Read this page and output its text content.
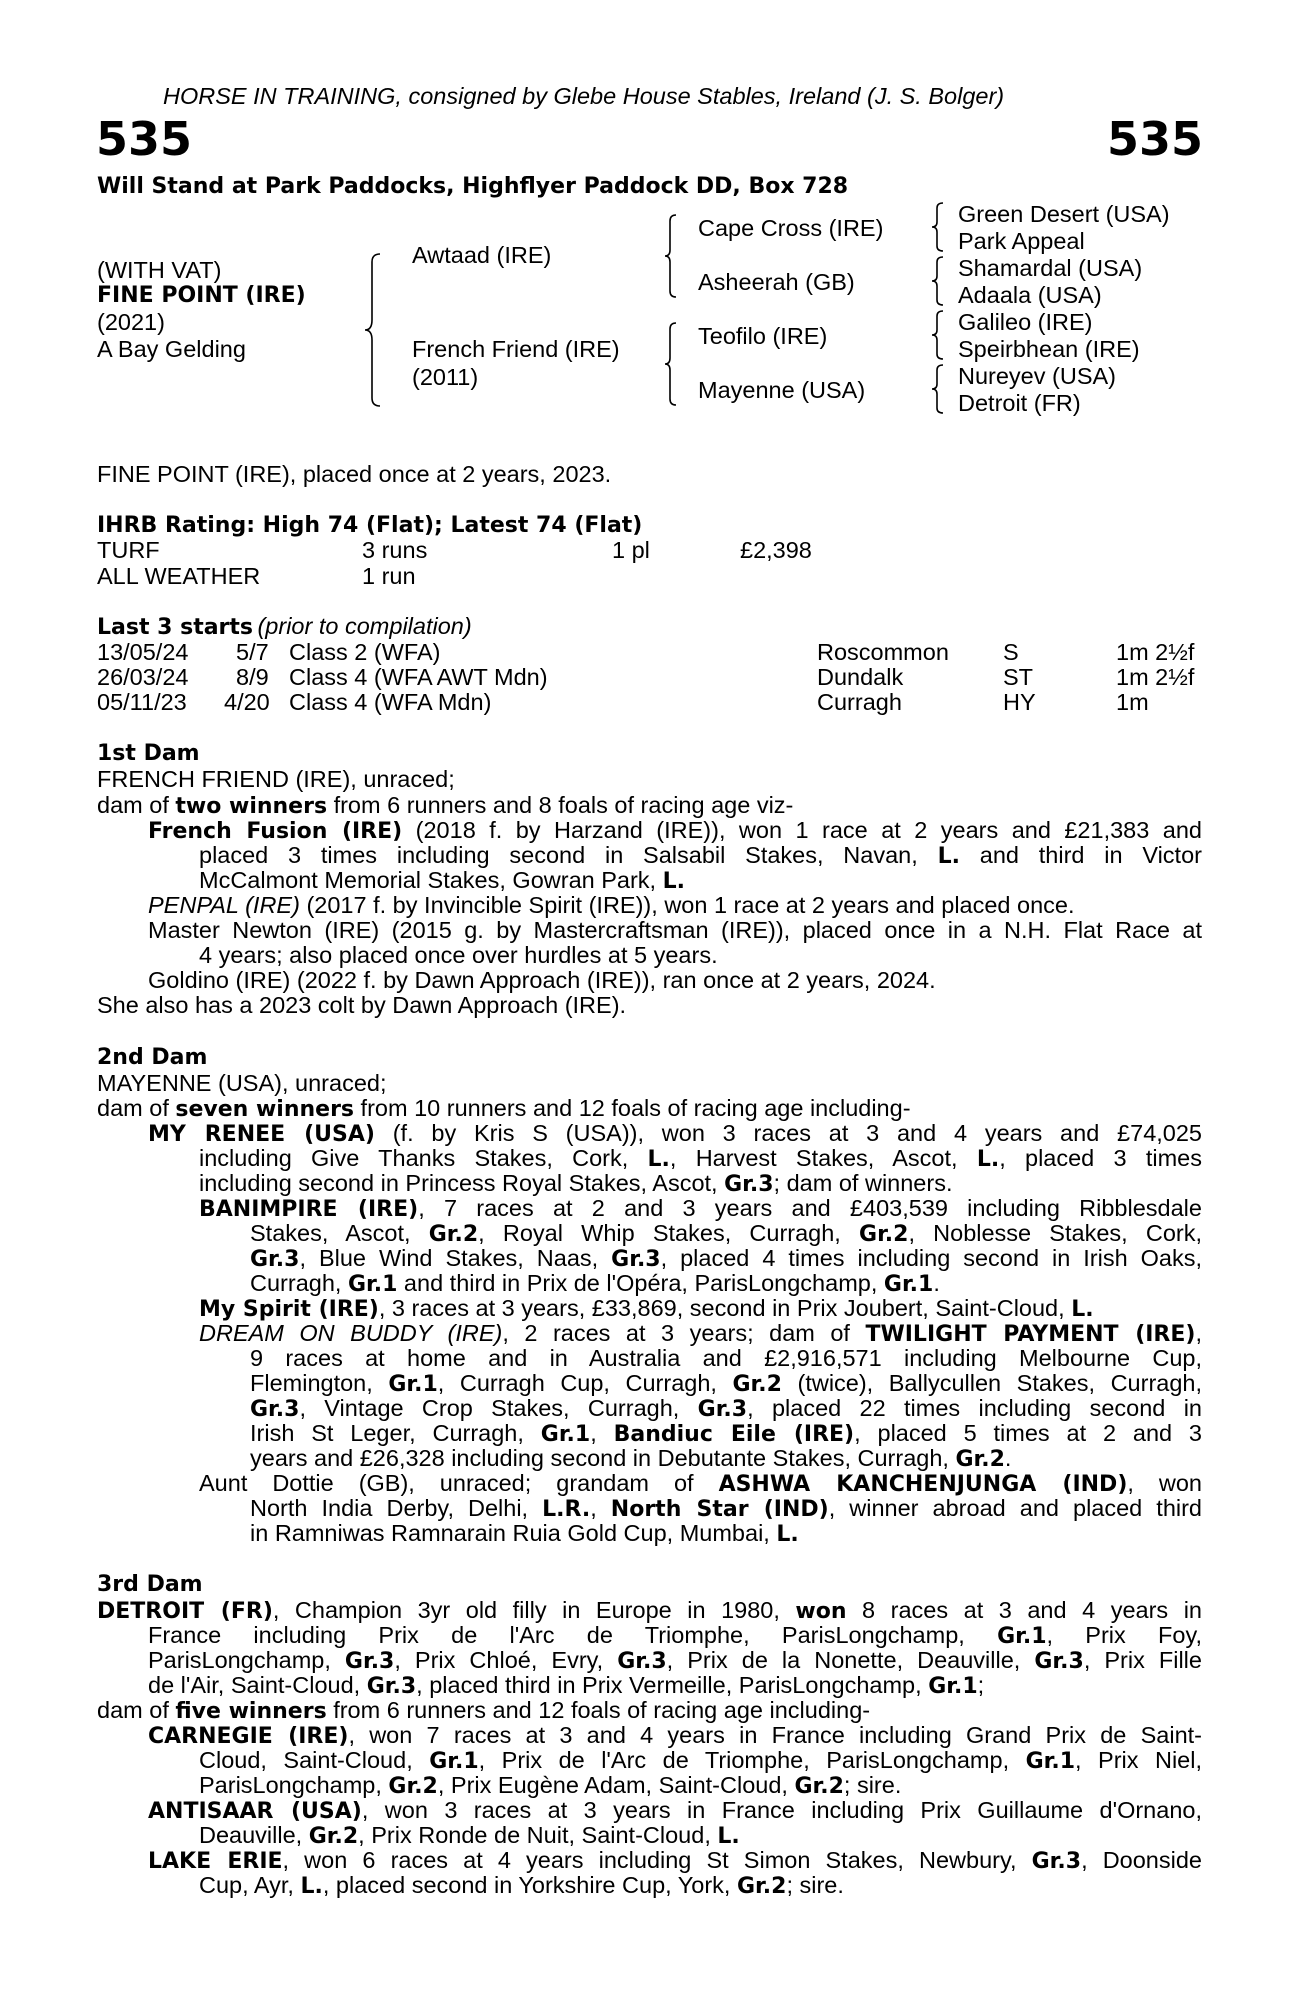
HORSE IN TRAINING, consigned by Glebe House Stables, Ireland (J. S. Bolger)
535	535
Will Stand at Park Paddocks, Highflyer Paddock DD, Box 728
(WITH VAT)
FINE POINT (IRE)
(2021)
A Bay Gelding
Awtaad (IRE)
French Friend (IRE)
(2011)
Cape Cross (IRE)
Asheerah (GB)
Teofilo (IRE)
Mayenne (USA)
Green Desert (USA)
Park Appeal
Shamardal (USA)
Adaala (USA)
Galileo (IRE)
Speirbhean (IRE)
Nureyev (USA)
Detroit (FR)
FINE POINT (IRE), placed once at 2 years, 2023.
IHRB Rating: High 74 (Flat); Latest 74 (Flat)
TURF	3 runs	1 pl	£2,398
ALL WEATHER	1 run
Last 3 starts (prior to compilation)
13/05/24 5/7 Class 2 (WFA)	Roscommon S	1m 2½f
26/03/24 8/9 Class 4 (WFA AWT Mdn)	Dundalk	ST	1m 2½f
05/11/23 4/20 Class 4 (WFA Mdn)	Curragh	HY	1m
1st Dam
FRENCH FRIEND (IRE), unraced;
dam of two winners from 6 runners and 8 foals of racing age viz-
French Fusion (IRE) (2018 f. by Harzand (IRE)), won 1 race at 2 years and £21,383 and
placed 3 times including second in Salsabil Stakes, Navan, L. and third in Victor
McCalmont Memorial Stakes, Gowran Park, L.
PENPAL (IRE) (2017 f. by Invincible Spirit (IRE)), won 1 race at 2 years and placed once.
Master Newton (IRE) (2015 g. by Mastercraftsman (IRE)), placed once in a N.H. Flat Race at
4 years; also placed once over hurdles at 5 years.
Goldino (IRE) (2022 f. by Dawn Approach (IRE)), ran once at 2 years, 2024.
She also has a 2023 colt by Dawn Approach (IRE).
2nd Dam
MAYENNE (USA), unraced;
dam of seven winners from 10 runners and 12 foals of racing age including-
MY RENEE (USA) (f. by Kris S (USA)), won 3 races at 3 and 4 years and £74,025
including Give Thanks Stakes, Cork, L., Harvest Stakes, Ascot, L., placed 3 times
including second in Princess Royal Stakes, Ascot, Gr.3; dam of winners.
BANIMPIRE (IRE), 7 races at 2 and 3 years and £403,539 including Ribblesdale
Stakes, Ascot, Gr.2, Royal Whip Stakes, Curragh, Gr.2, Noblesse Stakes, Cork,
Gr.3, Blue Wind Stakes, Naas, Gr.3, placed 4 times including second in Irish Oaks,
Curragh, Gr.1 and third in Prix de l'Opéra, ParisLongchamp, Gr.1.
My Spirit (IRE), 3 races at 3 years, £33,869, second in Prix Joubert, Saint-Cloud, L.
DREAM ON BUDDY (IRE), 2 races at 3 years; dam of TWILIGHT PAYMENT (IRE),
9 races at home and in Australia and £2,916,571 including Melbourne Cup,
Flemington, Gr.1, Curragh Cup, Curragh, Gr.2 (twice), Ballycullen Stakes, Curragh,
Gr.3, Vintage Crop Stakes, Curragh, Gr.3, placed 22 times including second in
Irish St Leger, Curragh, Gr.1, Bandiuc Eile (IRE), placed 5 times at 2 and 3
years and £26,328 including second in Debutante Stakes, Curragh, Gr.2.
Aunt Dottie (GB), unraced; grandam of ASHWA KANCHENJUNGA (IND), won
North India Derby, Delhi, L.R., North Star (IND), winner abroad and placed third
in Ramniwas Ramnarain Ruia Gold Cup, Mumbai, L.
3rd Dam
DETROIT (FR), Champion 3yr old filly in Europe in 1980, won 8 races at 3 and 4 years in
France including Prix de l'Arc de Triomphe, ParisLongchamp, Gr.1, Prix Foy,
ParisLongchamp, Gr.3, Prix Chloé, Evry, Gr.3, Prix de la Nonette, Deauville, Gr.3, Prix Fille
de l'Air, Saint-Cloud, Gr.3, placed third in Prix Vermeille, ParisLongchamp, Gr.1;
dam of five winners from 6 runners and 12 foals of racing age including-
CARNEGIE (IRE), won 7 races at 3 and 4 years in France including Grand Prix de Saint-
Cloud, Saint-Cloud, Gr.1, Prix de l'Arc de Triomphe, ParisLongchamp, Gr.1, Prix Niel,
ParisLongchamp, Gr.2, Prix Eugène Adam, Saint-Cloud, Gr.2; sire.
ANTISAAR (USA), won 3 races at 3 years in France including Prix Guillaume d'Ornano,
Deauville, Gr.2, Prix Ronde de Nuit, Saint-Cloud, L.
LAKE ERIE, won 6 races at 4 years including St Simon Stakes, Newbury, Gr.3, Doonside
Cup, Ayr, L., placed second in Yorkshire Cup, York, Gr.2; sire.
